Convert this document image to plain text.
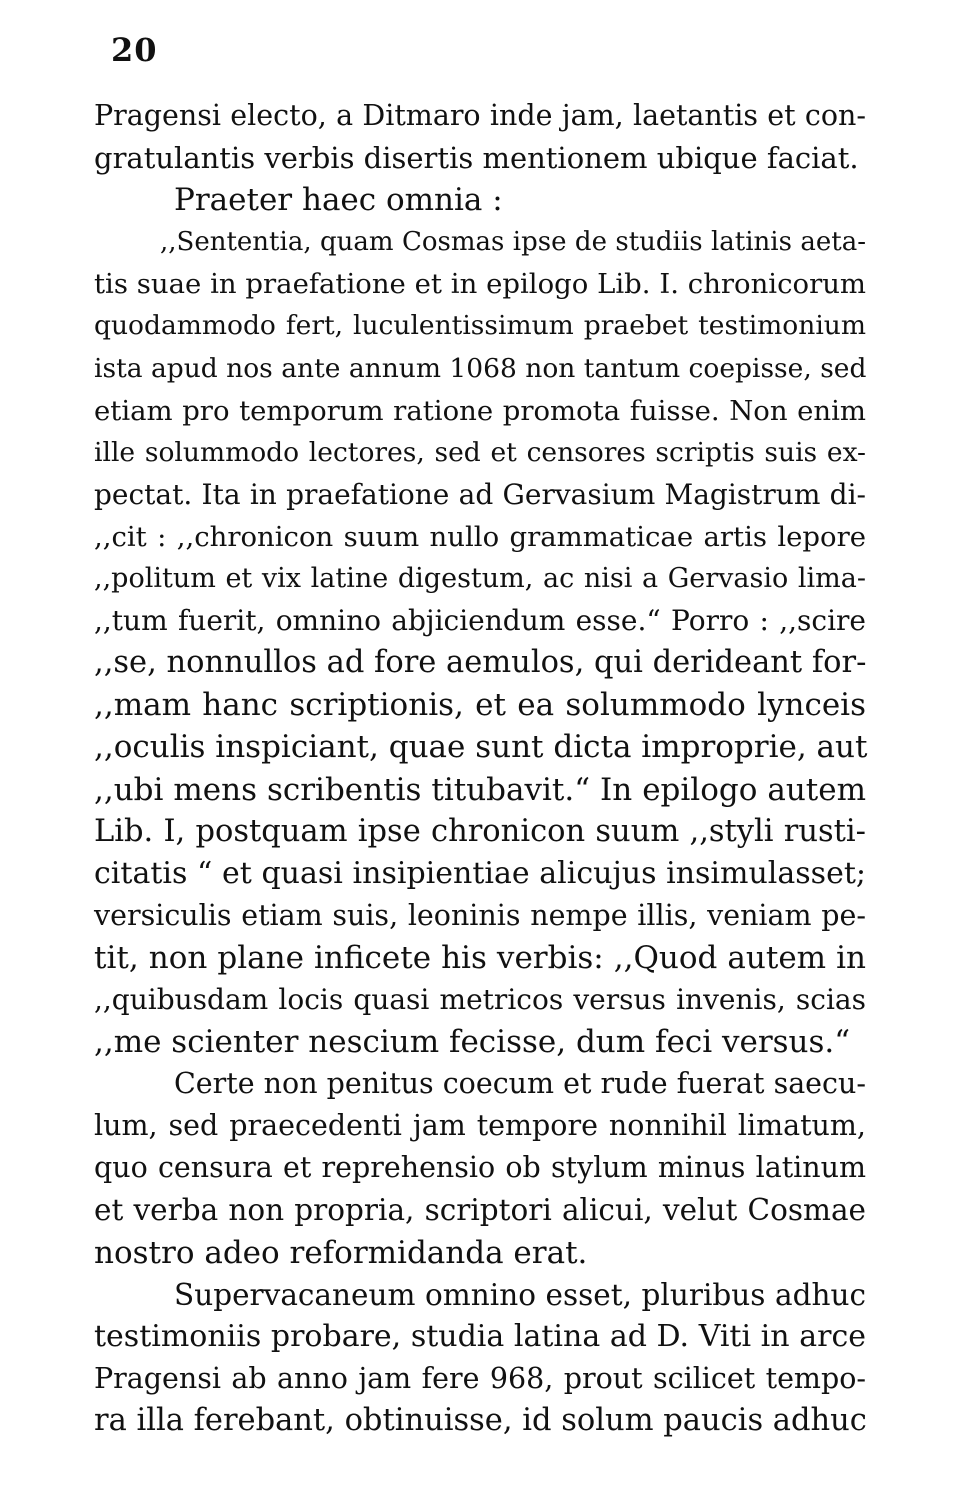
20
Pragensi electo, a Ditmaro inde jam, laetantis et con-
gratulantis verbis disertis mentionem ubique faciat.
Praeter haec omnia :
,,Sententia, quam Cosmas ipse de studiis latinis aeta-
tis suae in praefatione et in epilogo Lib. I. chronicorum
quodammodo fert, luculentissimum praebet testimonium
ista apud nos ante annum 1068 non tantum coepisse, sed
etiam pro temporum ratione promota fuisse. Non enim
ille solummodo lectores, sed et censores scriptis suis ex-
pectat. Ita in praefatione ad Gervasium Magistrum di-
,,cit : ,,chronicon suum nullo grammaticae artis lepore
,,politum et vix latine digestum, ac nisi a Gervasio lima-
,,tum fuerit, omnino abjiciendum esse.“ Porro : ,,scire
,,se, nonnullos ad fore aemulos, qui derideant for-
,,mam hanc scriptionis, et ea solummodo lynceis
,,oculis inspiciant, quae sunt dicta improprie, aut
,,ubi mens scribentis titubavit.“ In epilogo autem
Lib. I, postquam ipse chronicon suum ,,styli rusti-
citatis “ et quasi insipientiae alicujus insimulasset;
versiculis etiam suis, leoninis nempe illis, veniam pe-
tit, non plane inficete his verbis: ,,Quod autem in
,,quibusdam locis quasi metricos versus invenis, scias
,,me scienter nescium fecisse, dum feci versus.“
Certe non penitus coecum et rude fuerat saecu-
lum, sed praecedenti jam tempore nonnihil limatum,
quo censura et reprehensio ob stylum minus latinum
et verba non propria, scriptori alicui, velut Cosmae
nostro adeo reformidanda erat.
Supervacaneum omnino esset, pluribus adhuc
testimoniis probare, studia latina ad D. Viti in arce
Pragensi ab anno jam fere 968, prout scilicet tempo-
ra illa ferebant, obtinuisse, id solum paucis adhuc
